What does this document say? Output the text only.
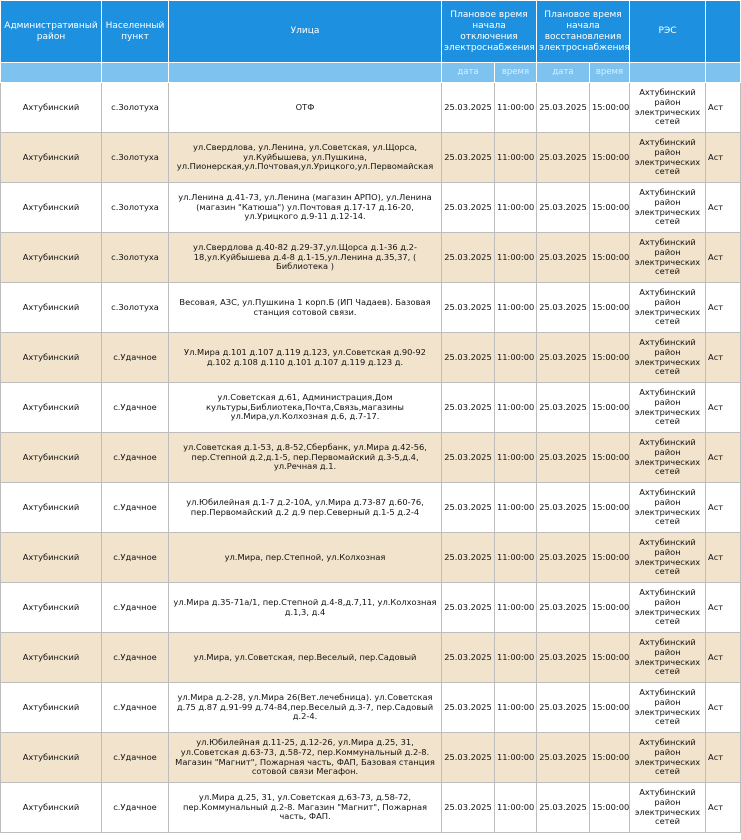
Административный район	Населенный пункт	Улица	Плановое время начала отключения электроснабжения		Плановое время начала восстановления электроснабжения		РЭС	
			дата	время	дата	время		
Ахтубинский	с.Золотуха	ОТФ	25.03.2025	11:00:00	25.03.2025	15:00:00	Ахтубинский район электрических сетей	Аст
Ахтубинский	с.Золотуха	ул.Свердлова, ул.Ленина, ул.Советская, ул.Щорса, ул.Куйбышева, ул.Пушкина, ул.Пионерская,ул.Почтовая,ул.Урицкого,ул.Первомайская	25.03.2025	11:00:00	25.03.2025	15:00:00	Ахтубинский район электрических сетей	Аст
Ахтубинский	с.Золотуха	ул.Ленина д.41-73, ул.Ленина (магазин АРПО), ул.Ленина (магазин "Катюша") ул.Почтовая д.17-17 д.16-20, ул.Урицкого д.9-11 д.12-14.	25.03.2025	11:00:00	25.03.2025	15:00:00	Ахтубинский район электрических сетей	Аст
Ахтубинский	с.Золотуха	ул.Свердлова д.40-82 д.29-37,ул.Щорса д.1-36 д.2-18,ул.Куйбышева д.4-8 д.1-15,ул.Ленина д.35,37, ( Библиотека )	25.03.2025	11:00:00	25.03.2025	15:00:00	Ахтубинский район электрических сетей	Аст
Ахтубинский	с.Золотуха	Весовая, АЗС, ул.Пушкина 1 корп.Б (ИП Чадаев). Базовая станция сотовой связи.	25.03.2025	11:00:00	25.03.2025	15:00:00	Ахтубинский район электрических сетей	Аст
Ахтубинский	с.Удачное	Ул.Мира д.101 д.107 д.119 д.123, ул.Советская д.90-92 д.102 д.108 д.110 д.101 д.107 д.119 д.123 д.	25.03.2025	11:00:00	25.03.2025	15:00:00	Ахтубинский район электрических сетей	Аст
Ахтубинский	с.Удачное	ул.Советская д.61, Администрация,Дом культуры,Библиотека,Почта,Связь,магазины ул.Мира,ул.Колхозная д.6, д.7-17.	25.03.2025	11:00:00	25.03.2025	15:00:00	Ахтубинский район электрических сетей	Аст
Ахтубинский	с.Удачное	ул.Советская д.1-53, д.8-52,Сбербанк, ул.Мира д.42-56, пер.Степной д.2,д.1-5, пер.Первомайский д.3-5,д.4, ул.Речная д.1.	25.03.2025	11:00:00	25.03.2025	15:00:00	Ахтубинский район электрических сетей	Аст
Ахтубинский	с.Удачное	ул.Юбилейная д.1-7 д.2-10А, ул.Мира д.73-87 д.60-76, пер.Первомайский д.2 д.9 пер.Северный д.1-5 д.2-4	25.03.2025	11:00:00	25.03.2025	15:00:00	Ахтубинский район электрических сетей	Аст
Ахтубинский	с.Удачное	ул.Мира, пер.Степной, ул.Колхозная	25.03.2025	11:00:00	25.03.2025	15:00:00	Ахтубинский район электрических сетей	Аст
Ахтубинский	с.Удачное	ул.Мира д.35-71а/1, пер.Степной д.4-8,д.7,11, ул.Колхозная д.1,3, д.4	25.03.2025	11:00:00	25.03.2025	15:00:00	Ахтубинский район электрических сетей	Аст
Ахтубинский	с.Удачное	ул.Мира, ул.Советская, пер.Веселый, пер.Садовый	25.03.2025	11:00:00	25.03.2025	15:00:00	Ахтубинский район электрических сетей	Аст
Ахтубинский	с.Удачное	ул.Мира д.2-28, ул.Мира 26(Вет.лечебница). ул.Советская д.75 д.87 д.91-99 д.74-84,пер.Веселый д.3-7, пер.Садовый д.2-4.	25.03.2025	11:00:00	25.03.2025	15:00:00	Ахтубинский район электрических сетей	Аст
Ахтубинский	с.Удачное	ул.Юбилейная д.11-25, д.12-26, ул.Мира д.25, 31, ул.Советская д.63-73, д.58-72, пер.Коммунальный д.2-8. Магазин "Магнит", Пожарная часть, ФАП, Базовая станция сотовой связи Мегафон.	25.03.2025	11:00:00	25.03.2025	15:00:00	Ахтубинский район электрических сетей	Аст
Ахтубинский	с.Удачное	ул.Мира д.25, 31, ул.Советская д.63-73, д.58-72, пер.Коммунальный д.2-8. Магазин "Магнит", Пожарная часть, ФАП.	25.03.2025	11:00:00	25.03.2025	15:00:00	Ахтубинский район электрических сетей	Аст
